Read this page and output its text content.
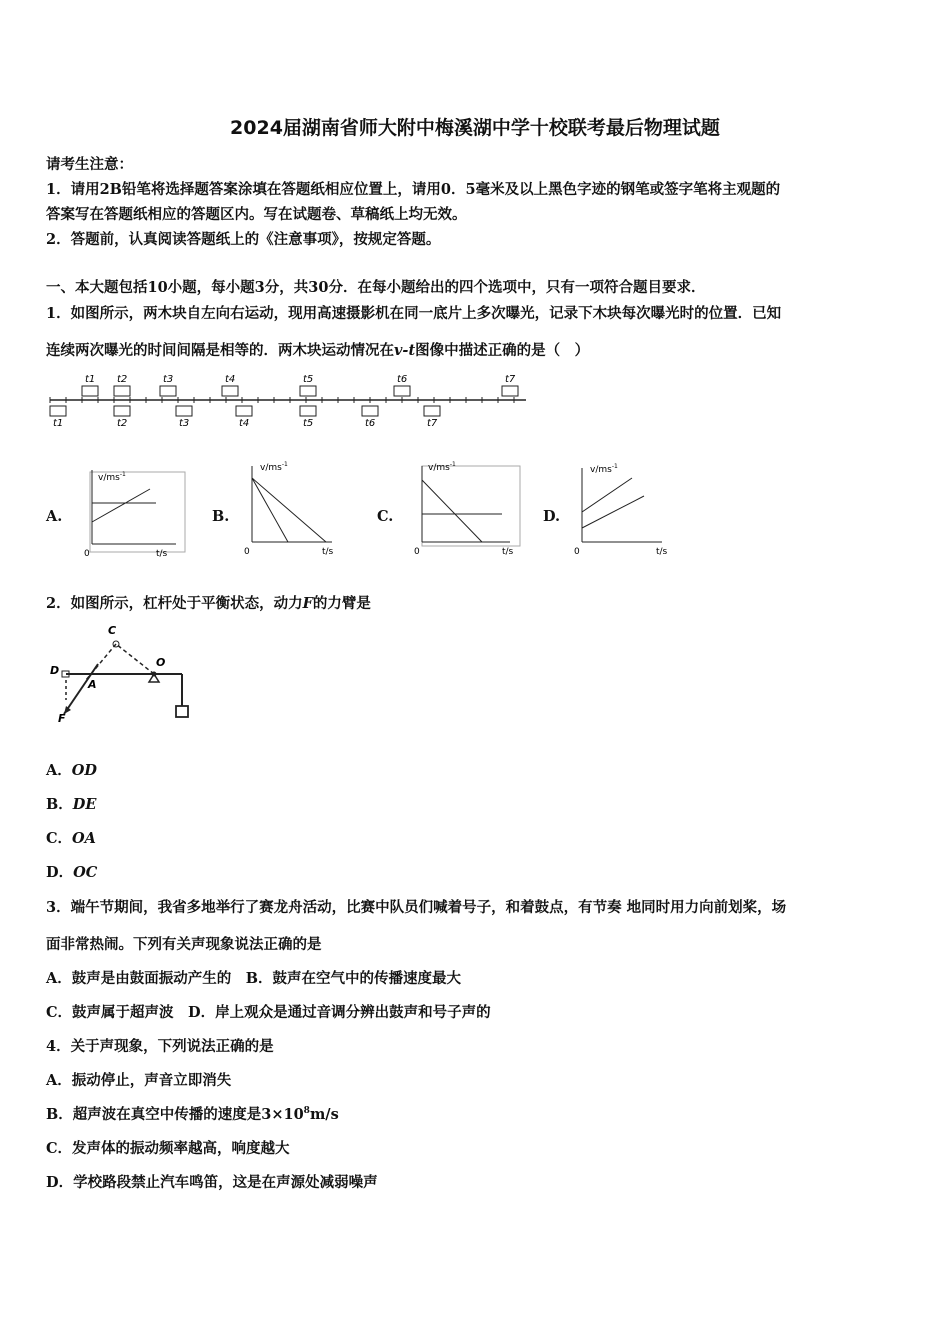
2024届湖南省师大附中梅溪湖中学十校联考最后物理试题
请考生注意：
1．请用2B铅笔将选择题答案涂填在答题纸相应位置上，请用0．5毫米及以上黑色字迹的钢笔或签字笔将主观题的
答案写在答题纸相应的答题区内。写在试题卷、草稿纸上均无效。
2．答题前，认真阅读答题纸上的《注意事项》，按规定答题。
一、本大题包括10小题，每小题3分，共30分．在每小题给出的四个选项中，只有一项符合题目要求．
1．如图所示，两木块自左向右运动，现用高速摄影机在同一底片上多次曝光，记录下木块每次曝光时的位置．已知
连续两次曝光的时间间隔是相等的．两木块运动情况在v-t图像中描述正确的是（　）
t1 t2	t3	t4	t5	t6	t7
t1	t2	t3	t4	t5	t6	t7
A.	B.	C.	D.
$v/ms^{-1}$
0	t/s
$v/ms^{-1}$
0	t/s
$v/ms^{-1}$
0	t/s
$v/ms^{-1}$
0	t/s
2．如图所示，杠杆处于平衡状态，动力F的力臂是
C
D
O
A
F
A．OD
B．DE
C．OA
D．OC
3．端午节期间，我省多地举行了赛龙舟活动，比赛中队员们喊着号子，和着鼓点，有节奏 地同时用力向前划桨，场
面非常热闹。下列有关声现象说法正确的是
A．鼓声是由鼓面振动产生的　B．鼓声在空气中的传播速度最大
C．鼓声属于超声波　D．岸上观众是通过音调分辨出鼓声和号子声的
4．关于声现象，下列说法正确的是
A．振动停止，声音立即消失
B．超声波在真空中传播的速度是$3\times 10^8m/s$
C．发声体的振动频率越高，响度越大
D．学校路段禁止汽车鸣笛，这是在声源处减弱噪声
